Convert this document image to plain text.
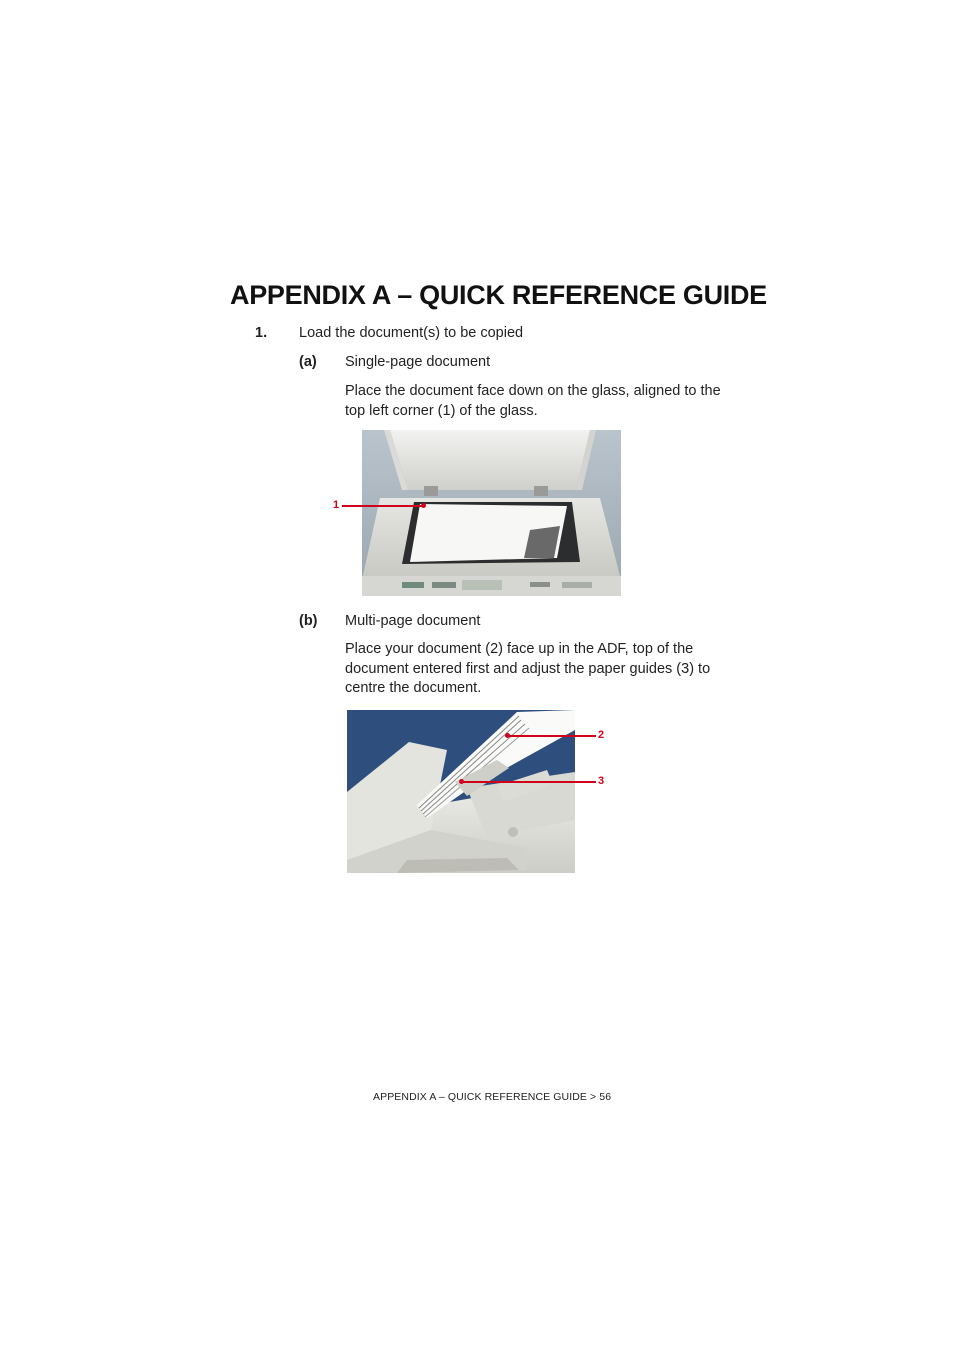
APPENDIX A – QUICK REFERENCE GUIDE
1. Load the document(s) to be copied
(a) Single-page document
Place the document face down on the glass, aligned to the top left corner (1) of the glass.
1
(b) Multi-page document
Place your document (2) face up in the ADF, top of the document entered first and adjust the paper guides (3) to centre the document.
2
3
APPENDIX A – QUICK REFERENCE GUIDE > 56
